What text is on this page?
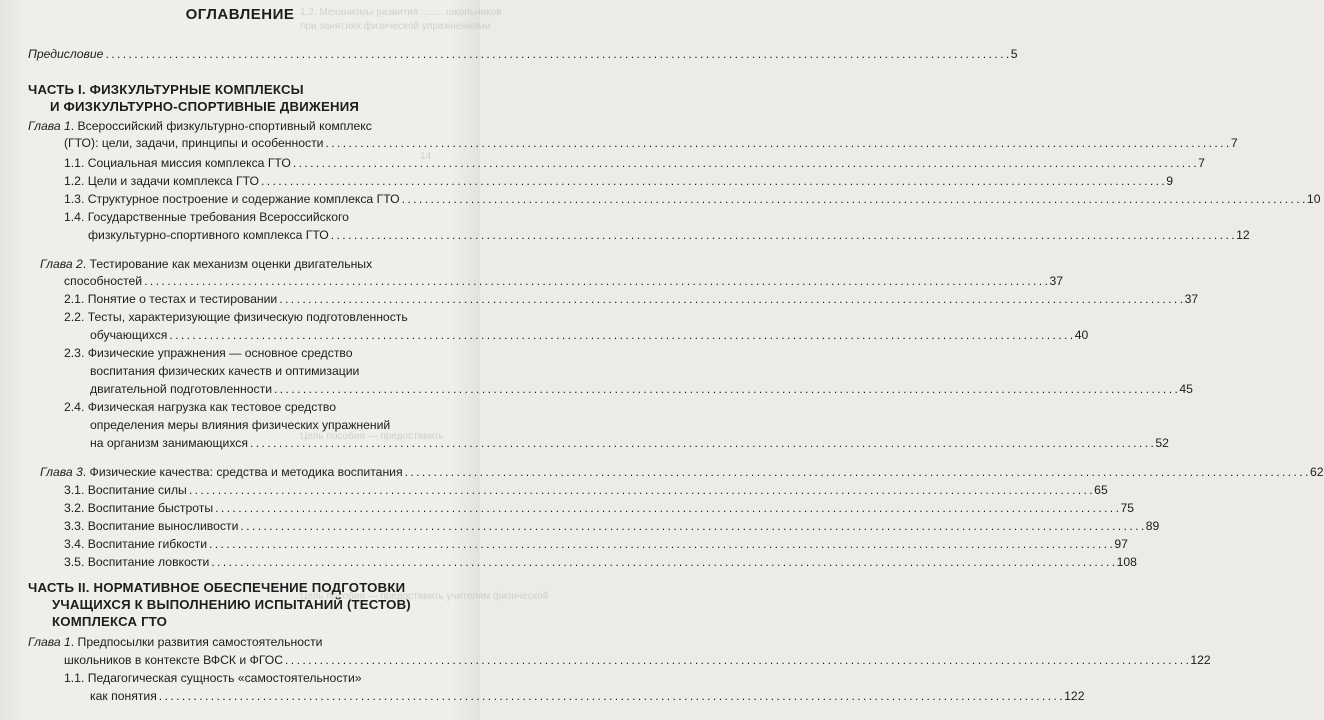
1.2. Механизмы развития ........ школьников
при занятиях физической упражнениями
14
Цель пособия — предоставить
Цель пособия — предоставить учителям физической
ОГЛАВЛЕНИЕ
Предисловие . . .	5
ЧАСТЬ I. ФИЗКУЛЬТУРНЫЕ КОМПЛЕКСЫ
И ФИЗКУЛЬТУРНО-СПОРТИВНЫЕ ДВИЖЕНИЯ
Глава 1. Всероссийский физкультурно-спортивный комплекс
(ГТО): цели, задачи, принципы и особенности . . .	7
1.1. Социальная миссия комплекса ГТО . . .	7
1.2. Цели и задачи комплекса ГТО . . .	9
1.3. Структурное построение и содержание комплекса ГТО . . .	10
1.4. Государственные требования Всероссийского
физкультурно-спортивного комплекса ГТО . . .	12
Глава 2. Тестирование как механизм оценки двигательных
способностей . . .	37
2.1. Понятие о тестах и тестировании . . .	37
2.2. Тесты, характеризующие физическую подготовленность
обучающихся . . .	40
2.3. Физические упражнения — основное средство
воспитания физических качеств и оптимизации
двигательной подготовленности . . .	45
2.4. Физическая нагрузка как тестовое средство
определения меры влияния физических упражнений
на организм занимающихся . . .	52
Глава 3. Физические качества: средства и методика воспитания . . .	62
3.1. Воспитание силы . . .	65
3.2. Воспитание быстроты . . .	75
3.3. Воспитание выносливости . . .	89
3.4. Воспитание гибкости . . .	97
3.5. Воспитание ловкости . . .	108
ЧАСТЬ II. НОРМАТИВНОЕ ОБЕСПЕЧЕНИЕ ПОДГОТОВКИ
УЧАЩИХСЯ К ВЫПОЛНЕНИЮ ИСПЫТАНИЙ (ТЕСТОВ)
КОМПЛЕКСА ГТО
Глава 1. Предпосылки развития самостоятельности
школьников в контексте ВФСК и ФГОС . . .	122
1.1. Педагогическая сущность «самостоятельности»
как понятия . . .	122
